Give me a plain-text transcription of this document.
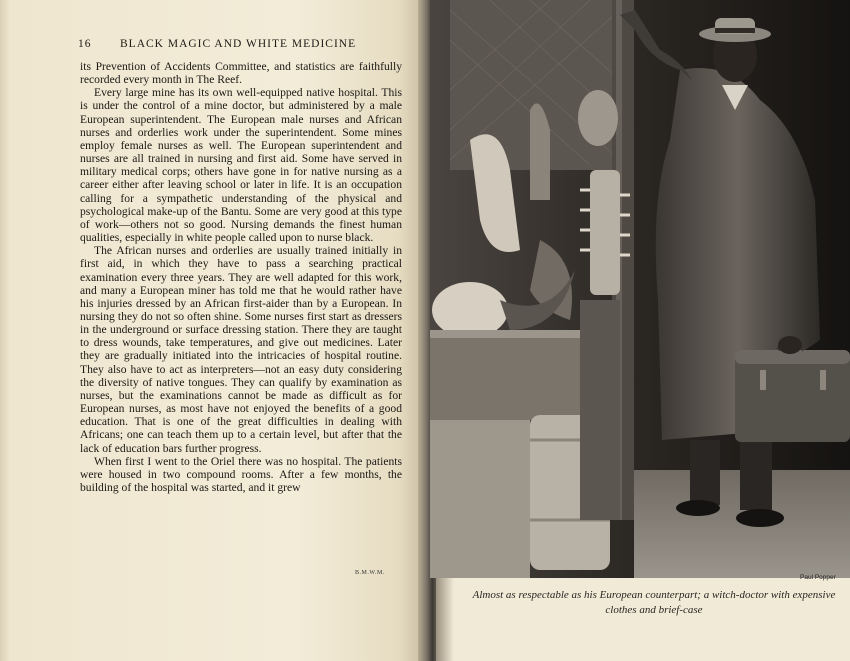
16 BLACK MAGIC AND WHITE MEDICINE

its Prevention of Accidents Committee, and statistics are faithfully recorded every month in The Reef.

Every large mine has its own well-equipped native hospital. This is under the control of a mine doctor, but administered by a male European superintendent. The European male nurses and African nurses and orderlies work under the superintendent. Some mines employ female nurses as well. The European superintendent and nurses are all trained in nursing and first aid. Some have served in military medical corps; others have gone in for native nursing as a career either after leaving school or later in life. It is an occupation calling for a sympathetic understanding of the physical and psychological make-up of the Bantu. Some are very good at this type of work—others not so good. Nursing demands the finest human qualities, especially in white people called upon to nurse black.

The African nurses and orderlies are usually trained initially in first aid, in which they have to pass a searching practical examination every three years. They are well adapted for this work, and many a European miner has told me that he would rather have his injuries dressed by an African first-aider than by a European. In nursing they do not so often shine. Some nurses first start as dressers in the underground or surface dressing station. There they are taught to dress wounds, take temperatures, and give out medicines. Later they are gradually initiated into the intricacies of hospital routine. They also have to act as interpreters—not an easy duty considering the diversity of native tongues. They can qualify by examination as nurses, but the examinations cannot be made as difficult as for European nurses, as most have not enjoyed the benefits of a good education. That is one of the great difficulties in dealing with Africans; one can teach them up to a certain level, but after that the lack of education bars further progress.

When first I went to the Oriel there was no hospital. The patients were housed in two compound rooms. After a few months, the building of the hospital was started, and it grew

B.M.W.M.
Paul Popper
Almost as respectable as his European counterpart; a witch-doctor with expensive clothes and brief-case
